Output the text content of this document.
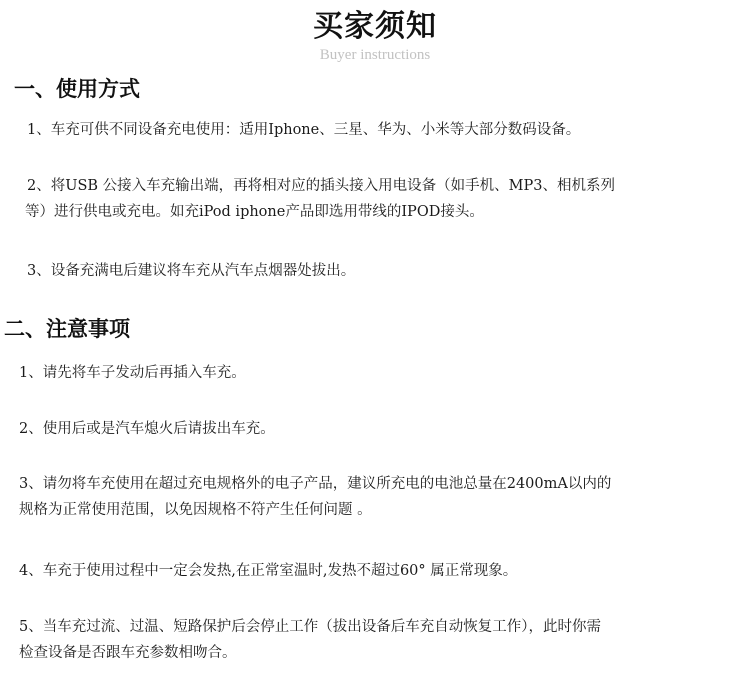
买家须知
Buyer instructions
一、使用方式

1、车充可供不同设备充电使用：适用Iphone、三星、华为、小米等大部分数码设备。

2、将USB 公接入车充输出端，再将相对应的插头接入用电设备（如手机、MP3、相机系列
等）进行供电或充电。如充iPod iphone产品即选用带线的IPOD接头。

3、设备充满电后建议将车充从汽车点烟器处拔出。

二、注意事项

1、请先将车子发动后再插入车充。

2、使用后或是汽车熄火后请拔出车充。

3、请勿将车充使用在超过充电规格外的电子产品，建议所充电的电池总量在2400mA以内的
规格为正常使用范围，以免因规格不符产生任何问题 。

4、车充于使用过程中一定会发热,在正常室温时,发热不超过60° 属正常现象。

5、当车充过流、过温、短路保护后会停止工作（拔出设备后车充自动恢复工作），此时你需
检查设备是否跟车充参数相吻合。
